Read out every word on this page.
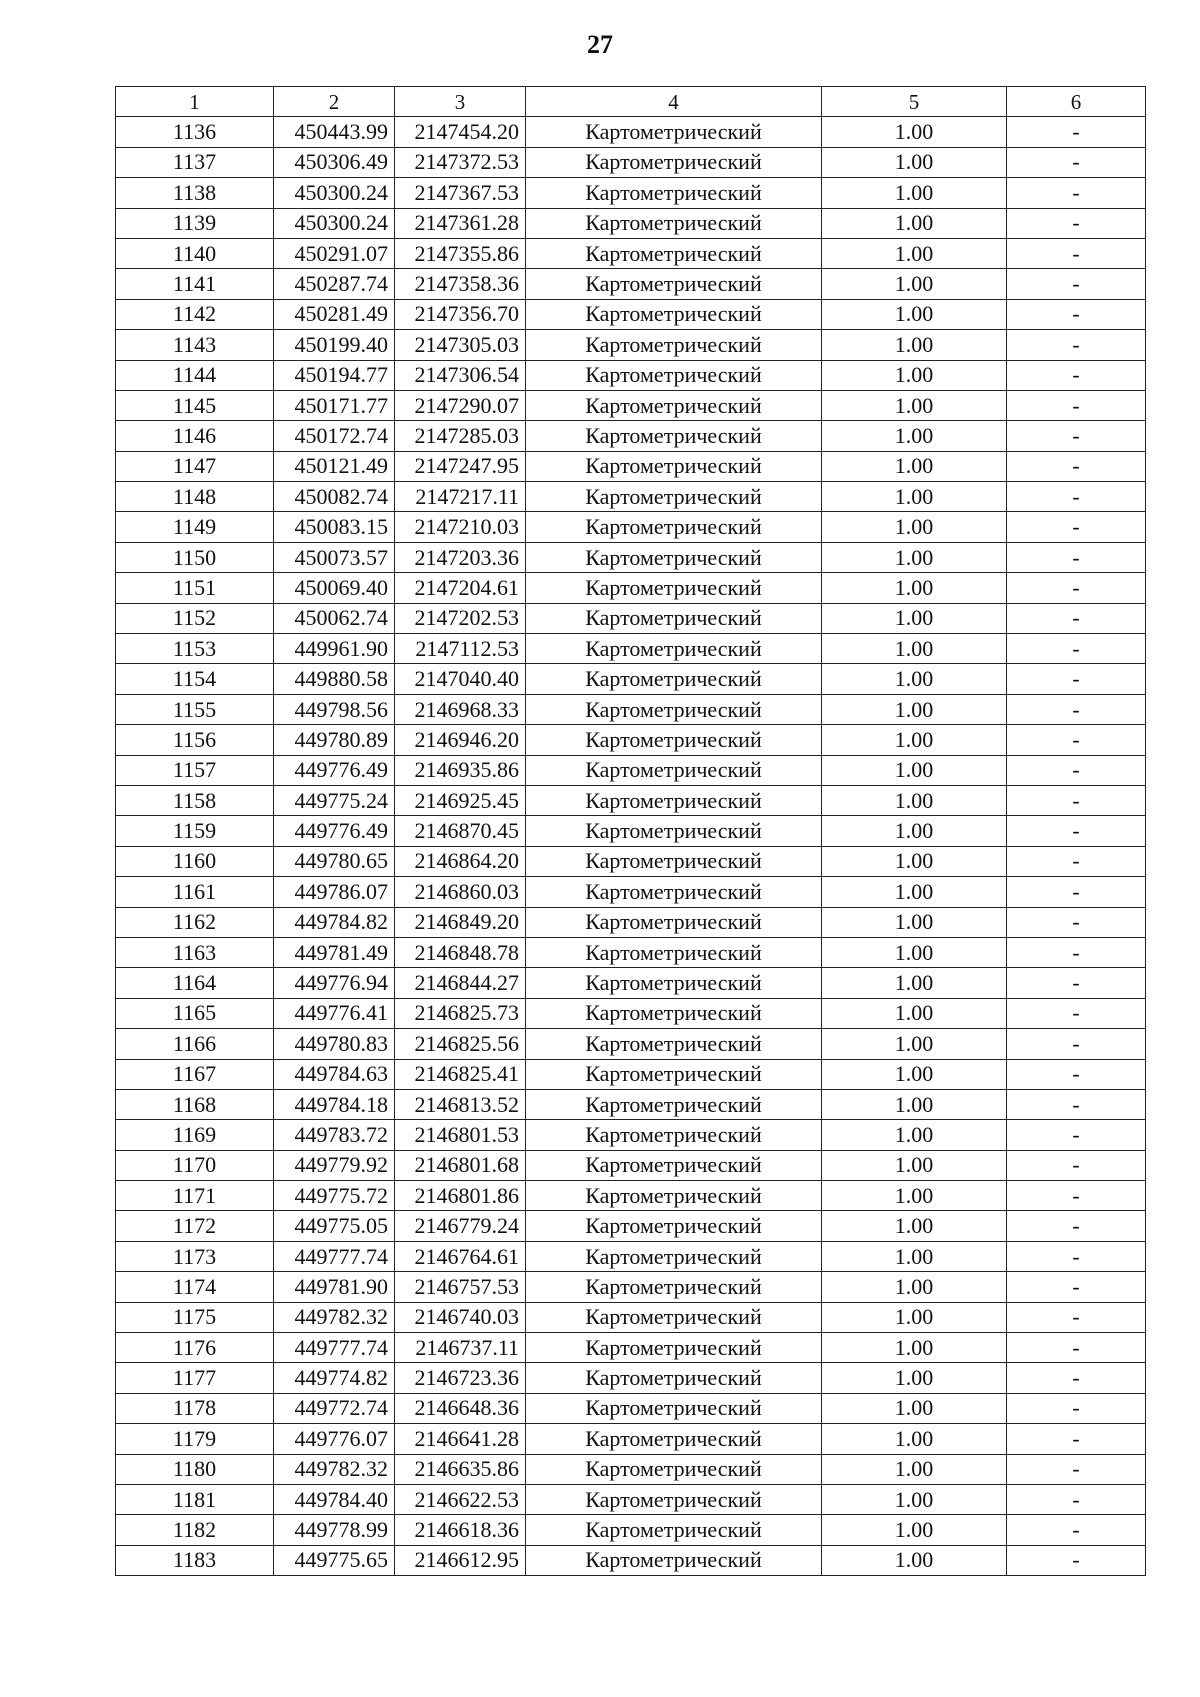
27
1	2	3	4	5	6
1136	450443.99	2147454.20	Картометрический	1.00	-
1137	450306.49	2147372.53	Картометрический	1.00	-
1138	450300.24	2147367.53	Картометрический	1.00	-
1139	450300.24	2147361.28	Картометрический	1.00	-
1140	450291.07	2147355.86	Картометрический	1.00	-
1141	450287.74	2147358.36	Картометрический	1.00	-
1142	450281.49	2147356.70	Картометрический	1.00	-
1143	450199.40	2147305.03	Картометрический	1.00	-
1144	450194.77	2147306.54	Картометрический	1.00	-
1145	450171.77	2147290.07	Картометрический	1.00	-
1146	450172.74	2147285.03	Картометрический	1.00	-
1147	450121.49	2147247.95	Картометрический	1.00	-
1148	450082.74	2147217.11	Картометрический	1.00	-
1149	450083.15	2147210.03	Картометрический	1.00	-
1150	450073.57	2147203.36	Картометрический	1.00	-
1151	450069.40	2147204.61	Картометрический	1.00	-
1152	450062.74	2147202.53	Картометрический	1.00	-
1153	449961.90	2147112.53	Картометрический	1.00	-
1154	449880.58	2147040.40	Картометрический	1.00	-
1155	449798.56	2146968.33	Картометрический	1.00	-
1156	449780.89	2146946.20	Картометрический	1.00	-
1157	449776.49	2146935.86	Картометрический	1.00	-
1158	449775.24	2146925.45	Картометрический	1.00	-
1159	449776.49	2146870.45	Картометрический	1.00	-
1160	449780.65	2146864.20	Картометрический	1.00	-
1161	449786.07	2146860.03	Картометрический	1.00	-
1162	449784.82	2146849.20	Картометрический	1.00	-
1163	449781.49	2146848.78	Картометрический	1.00	-
1164	449776.94	2146844.27	Картометрический	1.00	-
1165	449776.41	2146825.73	Картометрический	1.00	-
1166	449780.83	2146825.56	Картометрический	1.00	-
1167	449784.63	2146825.41	Картометрический	1.00	-
1168	449784.18	2146813.52	Картометрический	1.00	-
1169	449783.72	2146801.53	Картометрический	1.00	-
1170	449779.92	2146801.68	Картометрический	1.00	-
1171	449775.72	2146801.86	Картометрический	1.00	-
1172	449775.05	2146779.24	Картометрический	1.00	-
1173	449777.74	2146764.61	Картометрический	1.00	-
1174	449781.90	2146757.53	Картометрический	1.00	-
1175	449782.32	2146740.03	Картометрический	1.00	-
1176	449777.74	2146737.11	Картометрический	1.00	-
1177	449774.82	2146723.36	Картометрический	1.00	-
1178	449772.74	2146648.36	Картометрический	1.00	-
1179	449776.07	2146641.28	Картометрический	1.00	-
1180	449782.32	2146635.86	Картометрический	1.00	-
1181	449784.40	2146622.53	Картометрический	1.00	-
1182	449778.99	2146618.36	Картометрический	1.00	-
1183	449775.65	2146612.95	Картометрический	1.00	-
